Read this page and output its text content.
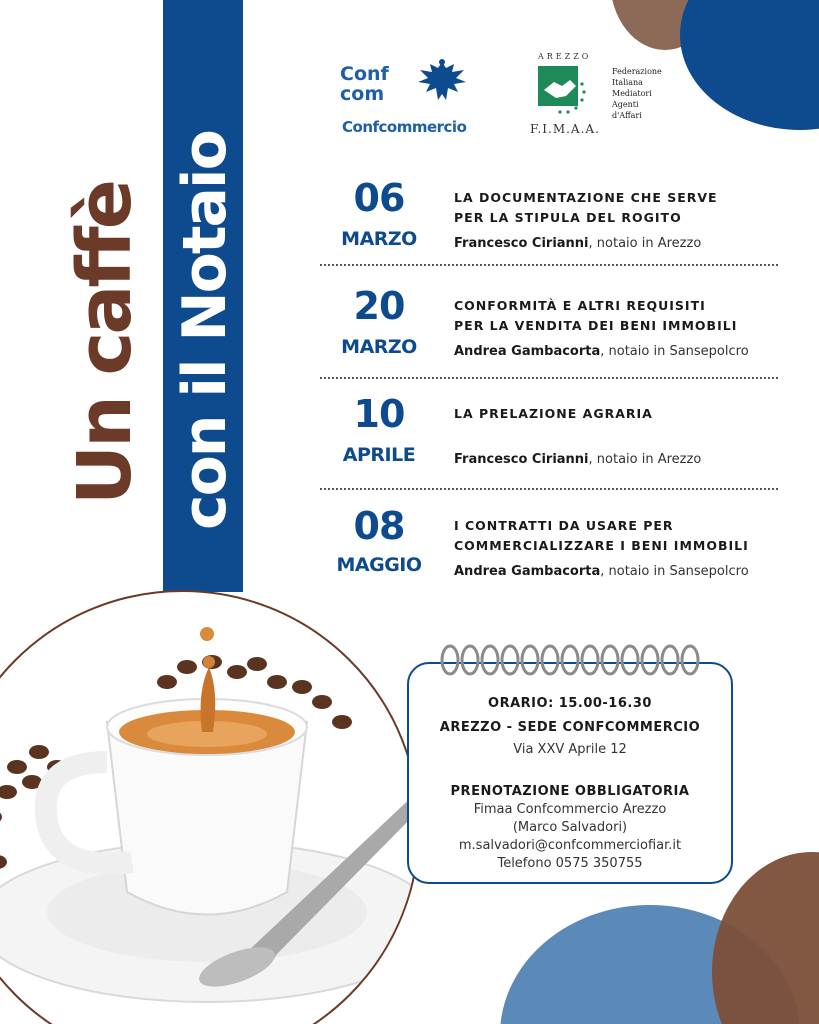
Un caffè con il Notaio
Conf
com
Confcommercio
AREZZO
F.I.M.A.A.
Federazione
Italiana
Mediatori
Agenti
d'Affari
06
MARZO
LA DOCUMENTAZIONE CHE SERVE
PER LA STIPULA DEL ROGITO
Francesco Cirianni, notaio in Arezzo
20
MARZO
CONFORMITÀ E ALTRI REQUISITI
PER LA VENDITA DEI BENI IMMOBILI
Andrea Gambacorta, notaio in Sansepolcro
10
APRILE
LA PRELAZIONE AGRARIA
Francesco Cirianni, notaio in Arezzo
08
MAGGIO
I CONTRATTI DA USARE PER
COMMERCIALIZZARE I BENI IMMOBILI
Andrea Gambacorta, notaio in Sansepolcro
ORARIO: 15.00-16.30
AREZZO - SEDE CONFCOMMERCIO
Via XXV Aprile 12
PRENOTAZIONE OBBLIGATORIA
Fimaa Confcommercio Arezzo
(Marco Salvadori)
m.salvadori@confcommerciofiar.it
Telefono 0575 350755
